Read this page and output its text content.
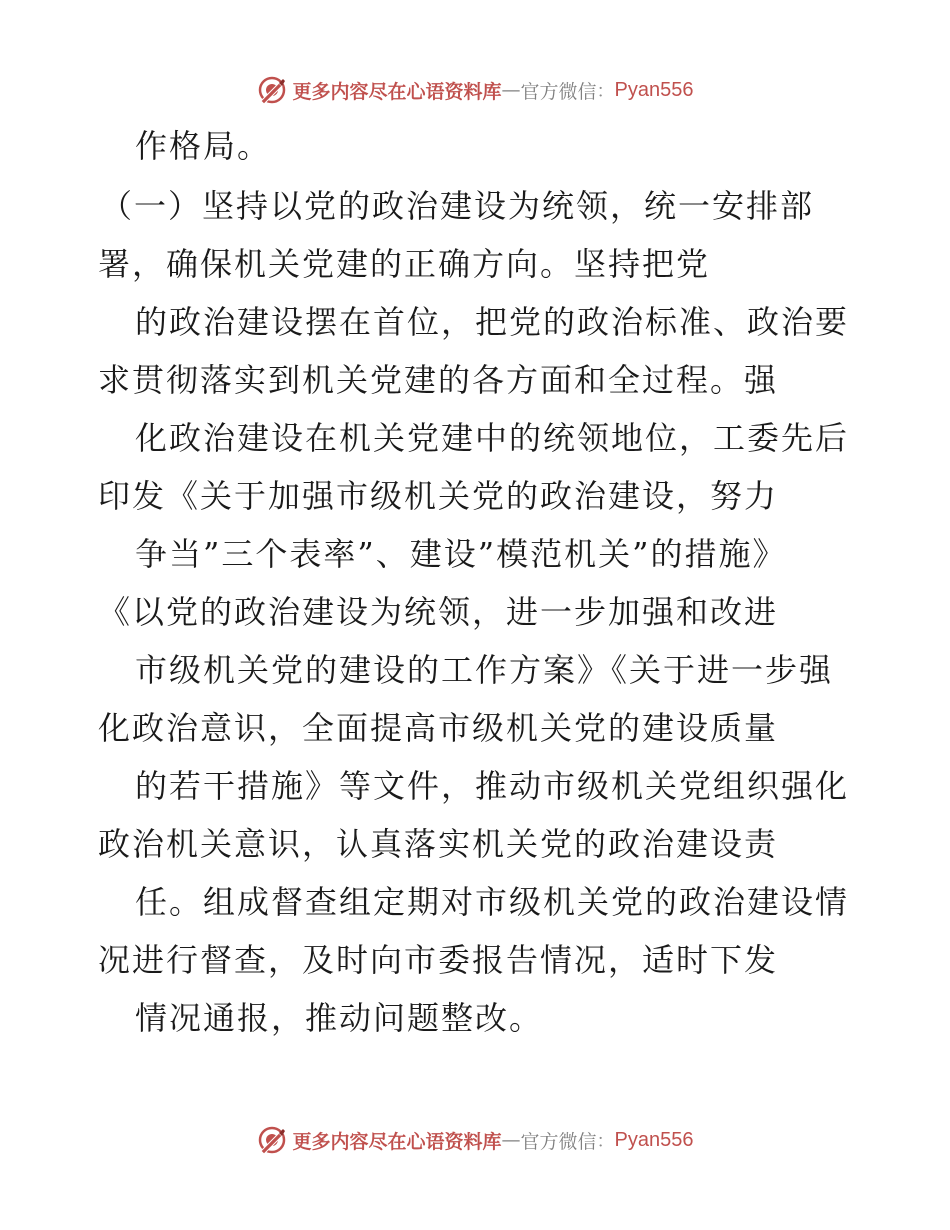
更多内容尽在心语资料库 — 官方微信 ： Pyan556
作格局。
（一）坚持以党的政治建设为统领，统一安排部
署，确保机关党建的正确方向。坚持把党
的政治建设摆在首位，把党的政治标准、政治要
求贯彻落实到机关党建的各方面和全过程。强
化政治建设在机关党建中的统领地位，工委先后
印发《关于加强市级机关党的政治建设，努力
争当”三个表率”、建设”模范机关”的措施》
《以党的政治建设为统领，进一步加强和改进
市级机关党的建设的工作方案》《关于进一步强
化政治意识，全面提高市级机关党的建设质量
的若干措施》等文件，推动市级机关党组织强化
政治机关意识，认真落实机关党的政治建设责
任。组成督查组定期对市级机关党的政治建设情
况进行督查，及时向市委报告情况，适时下发
情况通报，推动问题整改。
更多内容尽在心语资料库 — 官方微信 ： Pyan556
